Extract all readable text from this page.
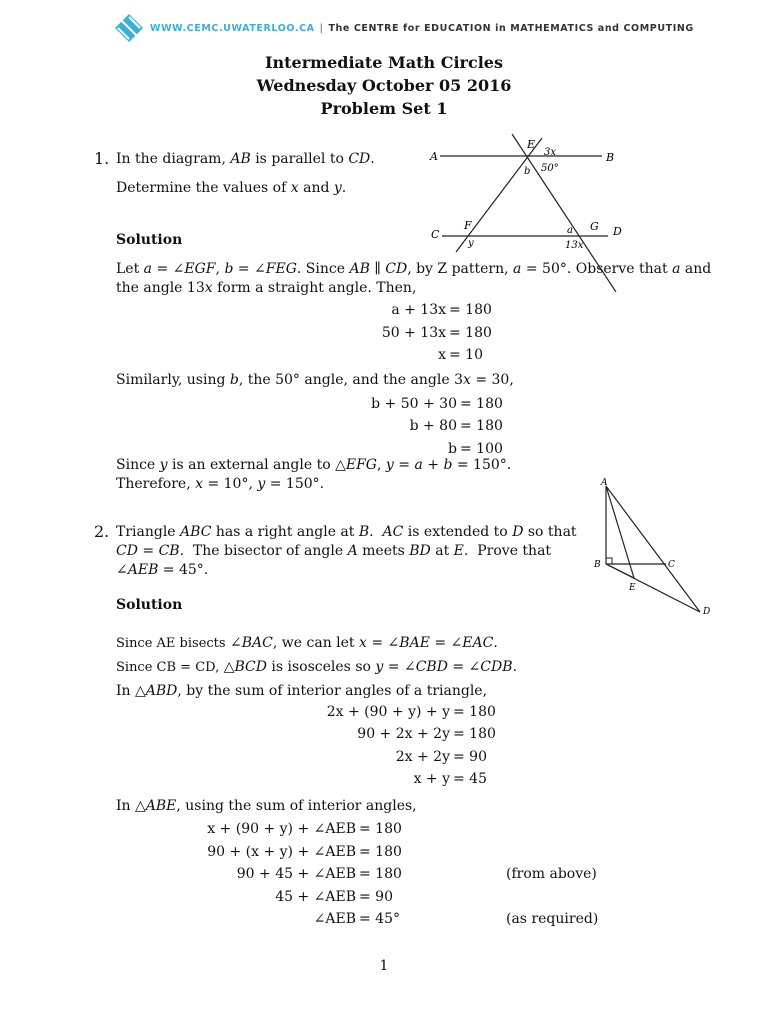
WWW.CEMC.UWATERLOO.CA | The CENTRE for EDUCATION in MATHEMATICS and COMPUTING
Intermediate Math Circles
Wednesday October 05 2016
Problem Set 1
1. In the diagram, AB is parallel to CD.
Determine the values of x and y.
A	B
C	D
E
F	G
3x
50°
b
y
a
13x
Solution
Let a = ∠EGF, b = ∠FEG. Since AB ∥ CD, by Z pattern, a = 50°. Observe that a and
the angle 13x form a straight angle. Then,
a + 13x = 180
50 + 13x = 180
x = 10
Similarly, using b, the 50° angle, and the angle 3x = 30,
b + 50 + 30 = 180
b + 80 = 180
b = 100
Since y is an external angle to △EFG, y = a + b = 150°.
Therefore, x = 10°, y = 150°.
2. Triangle ABC has a right angle at B.  AC is extended to D so that
CD = CB.  The bisector of angle A meets BD at E.  Prove that
∠AEB = 45°.
A
B	C
E
D
Solution
Since AE bisects ∠BAC, we can let x = ∠BAE = ∠EAC.
Since CB = CD, △BCD is isosceles so y = ∠CBD = ∠CDB.
In △ABD, by the sum of interior angles of a triangle,
2x + (90 + y) + y = 180
90 + 2x + 2y = 180
2x + 2y = 90
x + y = 45
In △ABE, using the sum of interior angles,
x + (90 + y) + ∠AEB = 180
90 + (x + y) + ∠AEB = 180
90 + 45 + ∠AEB = 180	(from above)
45 + ∠AEB = 90
∠AEB = 45°	(as required)
1
